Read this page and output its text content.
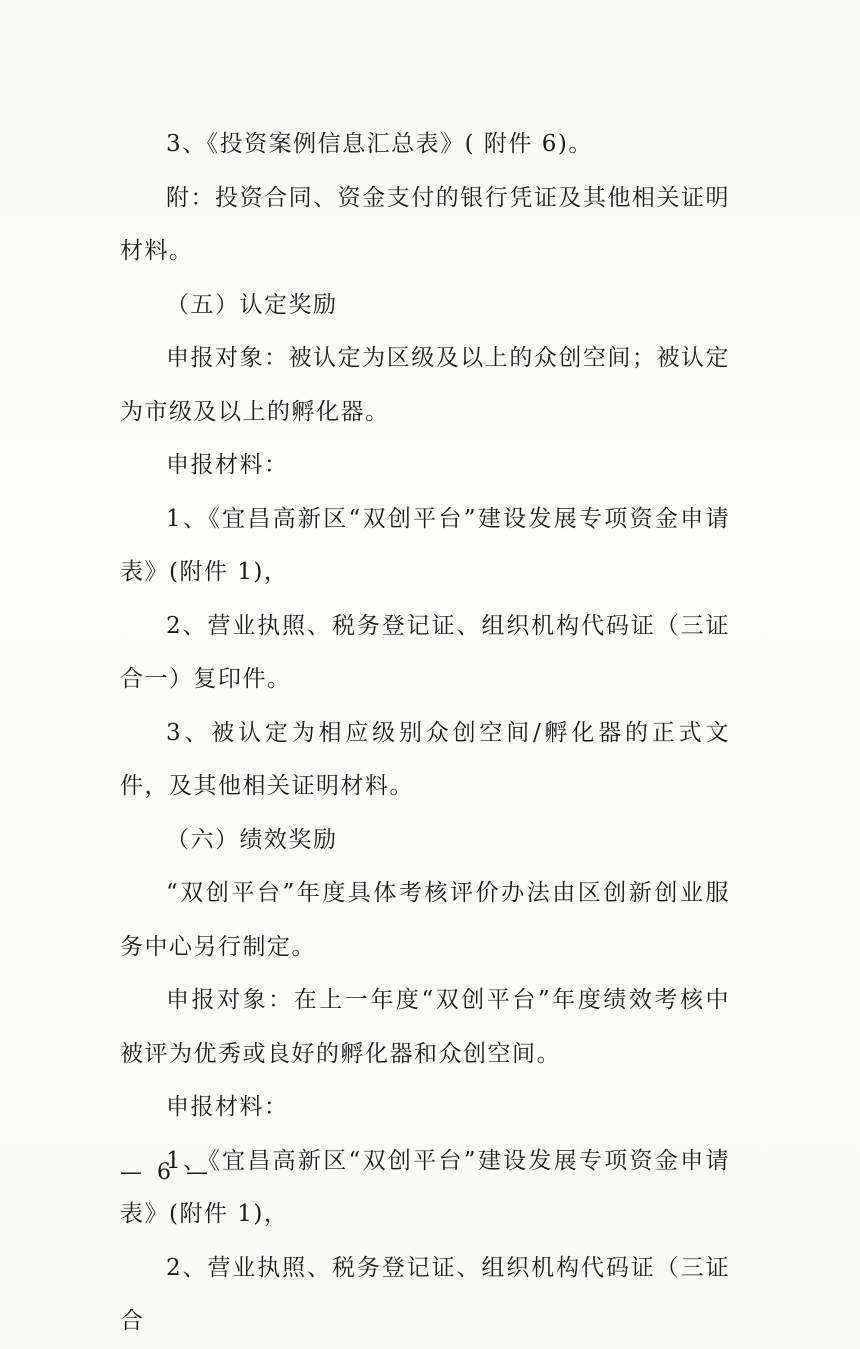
3、《投资案例信息汇总表》( 附件 6)。

附：投资合同、资金支付的银行凭证及其他相关证明材料。

（五）认定奖励

申报对象：被认定为区级及以上的众创空间；被认定为市级及以上的孵化器。

申报材料：

1、《宜昌高新区“双创平台”建设发展专项资金申请表》(附件 1)，

2、营业执照、税务登记证、组织机构代码证（三证合一）复印件。

3、被认定为相应级别众创空间/孵化器的正式文件，及其他相关证明材料。

（六）绩效奖励

“双创平台”年度具体考核评价办法由区创新创业服务中心另行制定。

申报对象：在上一年度“双创平台”年度绩效考核中被评为优秀或良好的孵化器和众创空间。

申报材料：

1、《宜昌高新区“双创平台”建设发展专项资金申请表》(附件 1)，

2、营业执照、税务登记证、组织机构代码证（三证合

— 6 —
